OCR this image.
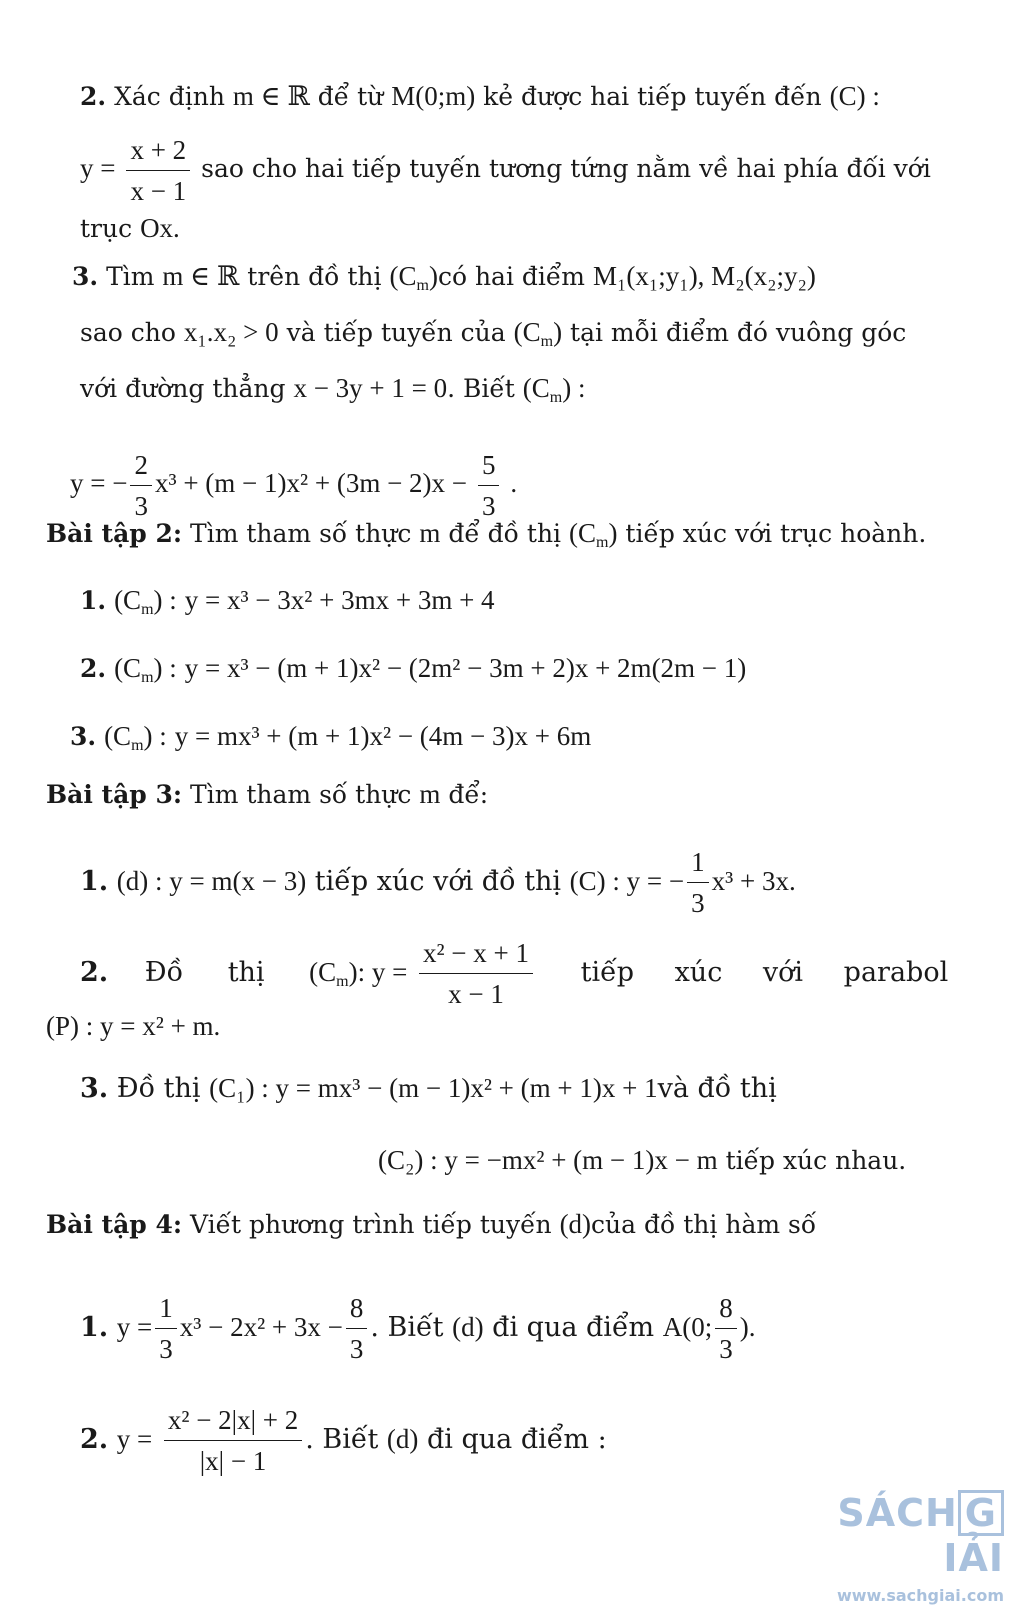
2. Xác định m ∈ ℝ để từ M(0;m) kẻ được hai tiếp tuyến đến (C) :
$y = \frac{x + 2}{x - 1}$ sao cho hai tiếp tuyến tương tứng nằm về hai phía đối với
trục Ox.
3. Tìm m ∈ ℝ trên đồ thị $(C_m)có$ hai điểm M₁(x₁;y₁), M₂(x₂;y₂)
sao cho x₁.x₂ > 0 và tiếp tuyến của $(C_m)$ tại mỗi điểm đó vuông góc
với đường thẳng x − 3y + 1 = 0. Biết $(C_m)$ :
y = − $\frac{2}{3} x^3 + (m - 1)x^2 + (3m - 2)x - \frac{5}{3}$ .
Bài tập 2: Tìm tham số thực m để đồ thị $(C_m)$ tiếp xúc với trục hoành.
1. $(C_m)$ : y = x³ − 3x² + 3mx + 3m + 4
2. $(C_m)$ : y = x³ − (m + 1)x² − (2m² − 3m + 2)x + 2m(2m − 1)
3. $(C_m)$ : y = mx³ + (m + 1)x² − (4m − 3)x + 6m
Bài tập 3: Tìm tham số thực m để:
1. (d) : y = m(x − 3) tiếp xúc với đồ thị (C) : y = − $\frac{1}{3} x^3 + 3x$.
2. Đồ thị $(C_m)$: $y = \frac{\text{x² − x + 1}}{x - 1}$ tiếp xúc với parabol
(P) : y = x² + m.
3. Đồ thị (C₁) : y = mx³ − (m − 1)x² + (m + 1)x + 1và đồ thị
(C₂) : y = −mx² + (m − 1)x − m tiếp xúc nhau.
Bài tập 4: Viết phương trình tiếp tuyến (d)của đồ thị hàm số
1. $y = \frac{1}{3} x^3 - 2x^2 + 3x - \frac{8}{3}$ . Biết (d) đi qua điểm A(0; $\frac{8}{3}$ ).
2. $y = \frac{\text{x² − 2|x| + 2}}{|x| - 1}$ . Biết (d) đi qua điểm :
SÁCH GIẢI
www.sachgiai.com
